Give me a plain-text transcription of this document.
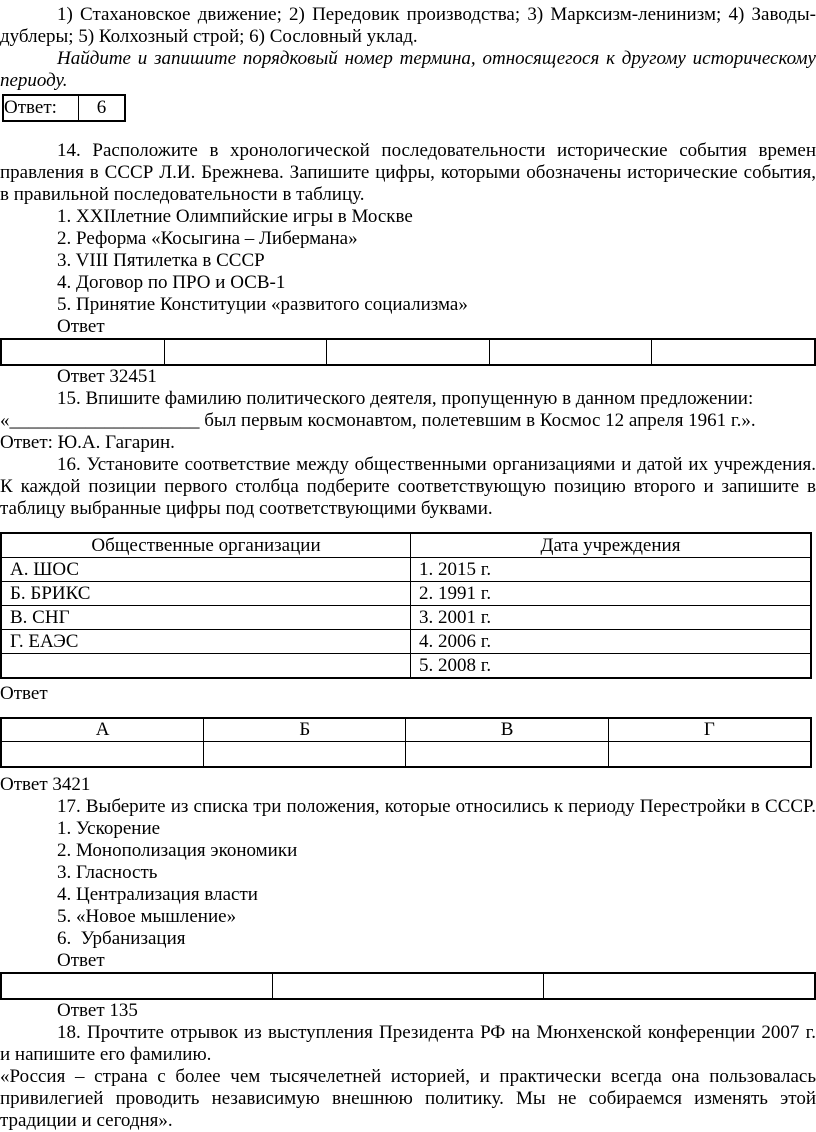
1) Стахановское движение; 2) Передовик производства; 3) Марксизм-ленинизм; 4) Заводы-
дублеры; 5) Колхозный строй; 6) Сословный уклад.
Найдите и запишите порядковый номер термина, относящегося к другому историческому
периоду.
Ответ:	6
14. Расположите в хронологической последовательности исторические события времен
правления в СССР Л.И. Брежнева. Запишите цифры, которыми обозначены исторические события,
в правильной последовательности в таблицу.
1. XXIIлетние Олимпийские игры в Москве
2. Реформа «Косыгина – Либермана»
3. VIII Пятилетка в СССР
4. Договор по ПРО и ОСВ-1
5. Принятие Конституции «развитого социализма»
Ответ

Ответ 32451
15. Впишите фамилию политического деятеля, пропущенную в данном предложении:
«____________________ был первым космонавтом, полетевшим в Космос 12 апреля 1961 г.».
Ответ: Ю.А. Гагарин.
16. Установите соответствие между общественными организациями и датой их учреждения.
К каждой позиции первого столбца подберите соответствующую позицию второго и запишите в
таблицу выбранные цифры под соответствующими буквами.
Общественные организации	Дата учреждения
А. ШОС	1. 2015 г.
Б. БРИКС	2. 1991 г.
В. СНГ	3. 2001 г.
Г. ЕАЭС	4. 2006 г.
	5. 2008 г.
Ответ
А	Б	В	Г

Ответ 3421
17. Выберите из списка три положения, которые относились к периоду Перестройки в СССР.
1. Ускорение
2. Монополизация экономики
3. Гласность
4. Централизация власти
5. «Новое мышление»
6.  Урбанизация
Ответ

Ответ 135
18. Прочтите отрывок из выступления Президента РФ на Мюнхенской конференции 2007 г.
и напишите его фамилию.
«Россия – страна с более чем тысячелетней историей, и практически всегда она пользовалась
привилегией проводить независимую внешнюю политику. Мы не собираемся изменять этой
традиции и сегодня».
